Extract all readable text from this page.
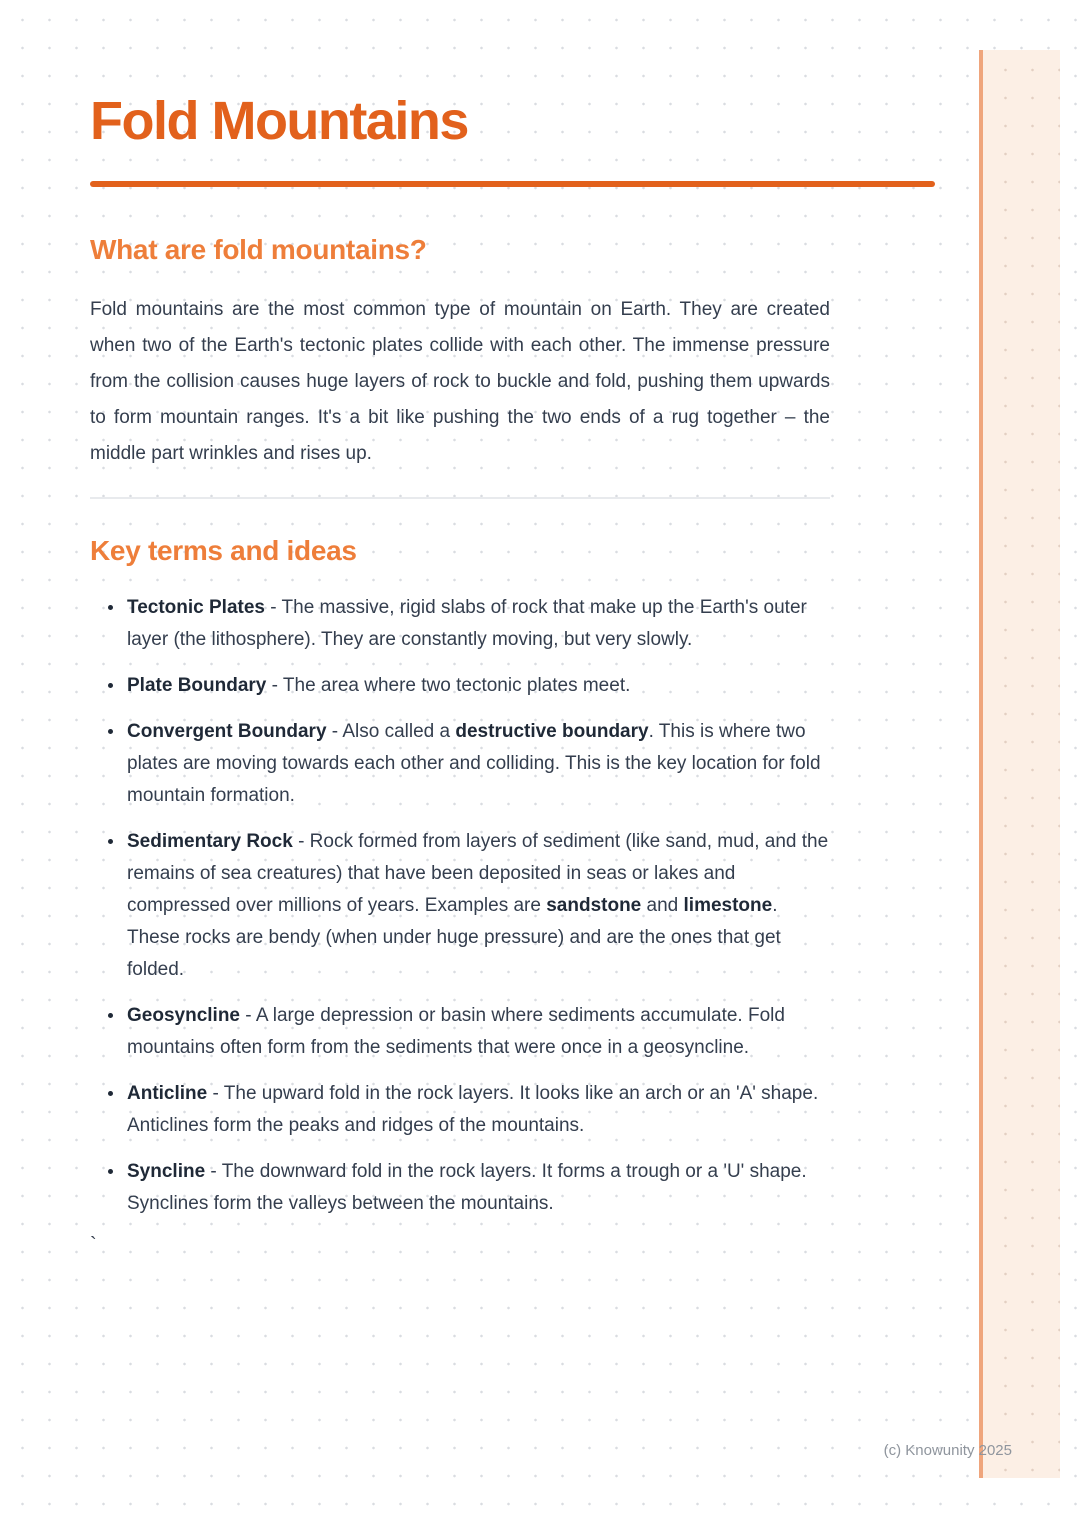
Fold Mountains
What are fold mountains?

Fold mountains are the most common type of mountain on Earth. They are created when two of the Earth's tectonic plates collide with each other. The immense pressure from the collision causes huge layers of rock to buckle and fold, pushing them upwards to form mountain ranges. It's a bit like pushing the two ends of a rug together – the middle part wrinkles and rises up.

Key terms and ideas
• Tectonic Plates - The massive, rigid slabs of rock that make up the Earth's outer layer (the lithosphere). They are constantly moving, but very slowly.
• Plate Boundary - The area where two tectonic plates meet.
• Convergent Boundary - Also called a destructive boundary. This is where two plates are moving towards each other and colliding. This is the key location for fold mountain formation.
• Sedimentary Rock - Rock formed from layers of sediment (like sand, mud, and the remains of sea creatures) that have been deposited in seas or lakes and compressed over millions of years. Examples are sandstone and limestone. These rocks are bendy (when under huge pressure) and are the ones that get folded.
• Geosyncline - A large depression or basin where sediments accumulate. Fold mountains often form from the sediments that were once in a geosyncline.
• Anticline - The upward fold in the rock layers. It looks like an arch or an 'A' shape. Anticlines form the peaks and ridges of the mountains.
• Syncline - The downward fold in the rock layers. It forms a trough or a 'U' shape. Synclines form the valleys between the mountains.
`
(c) Knowunity 2025
